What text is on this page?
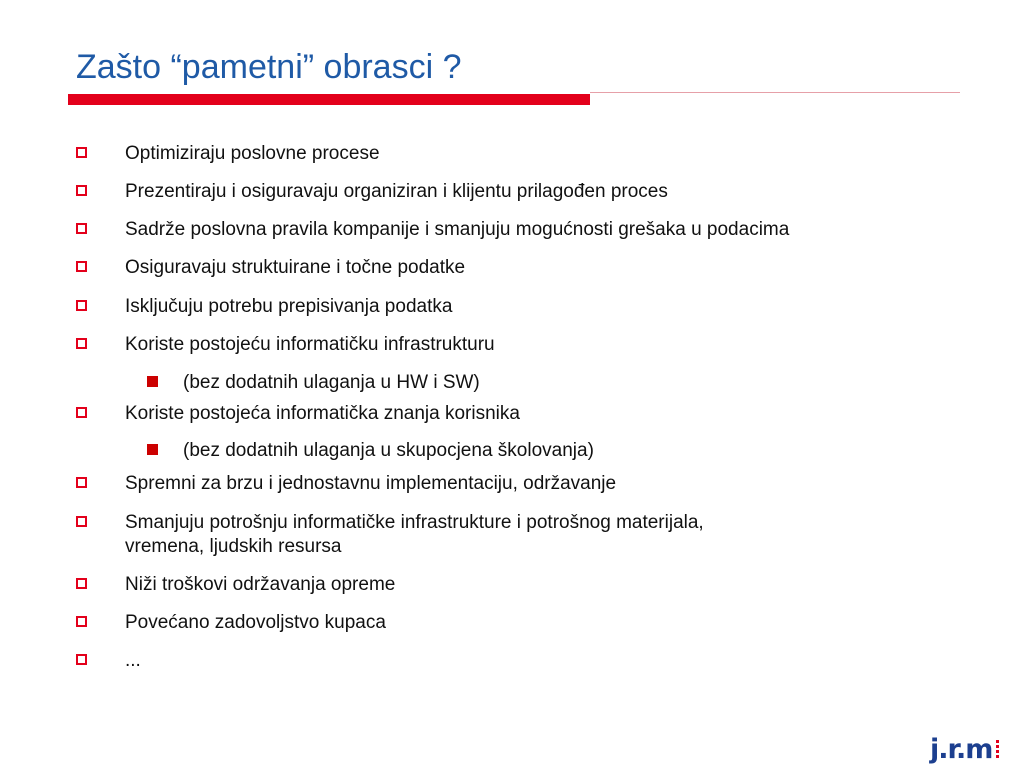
Zašto “pametni” obrasci ?
Optimiziraju poslovne procese
Prezentiraju i osiguravaju organiziran i klijentu prilagođen proces
Sadrže poslovna pravila kompanije i smanjuju mogućnosti grešaka u podacima
Osiguravaju struktuirane i točne podatke
Isključuju potrebu prepisivanja podatka
Koriste postojeću informatičku infrastrukturu
(bez dodatnih ulaganja u HW i SW)
Koriste postojeća informatička znanja korisnika
(bez dodatnih ulaganja u skupocjena školovanja)
Spremni za brzu i jednostavnu implementaciju, održavanje
Smanjuju potrošnju informatičke infrastrukture i potrošnog materijala,
vremena, ljudskih resursa
Niži troškovi održavanja opreme
Povećano zadovoljstvo kupaca
...
j.r.m
